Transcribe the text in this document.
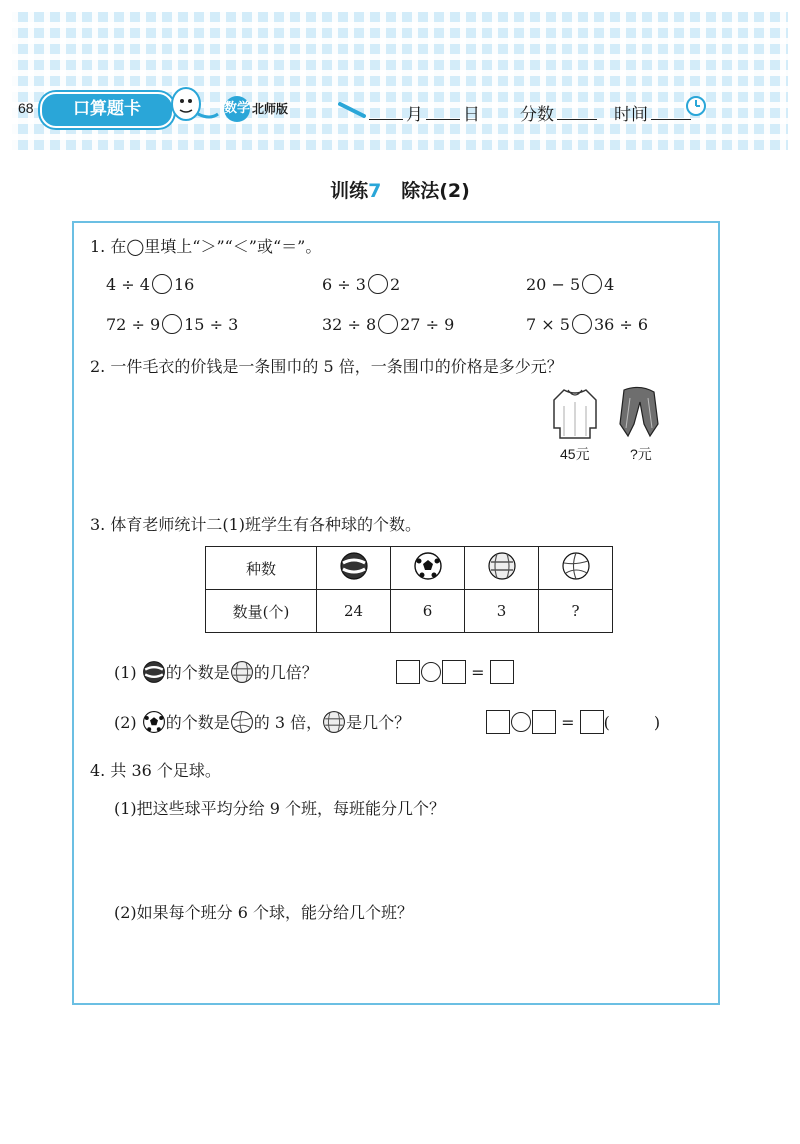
68	口算题卡	数学 北师版	月 日 分数	时间
训练7 除法(2)
1. 在◯里填上“＞”“＜”或“＝”。
4 ÷ 4 16	6 ÷ 3 2	20 − 5 4
72 ÷ 9 15 ÷ 3	32 ÷ 8 27 ÷ 9	7 × 5 36 ÷ 6
2. 一件毛衣的价钱是一条围巾的 5 倍，一条围巾的价格是多少元？
45元	?元
3. 体育老师统计二(1)班学生有各种球的个数。
种数				
数量(个)	24	6	3	?
(1) 的个数是 的几倍？	=
(2) 的个数是 的 3 倍， 是几个？	= (	)
4. 共 36 个足球。
(1)把这些球平均分给 9 个班，每班能分几个？
(2)如果每个班分 6 个球，能分给几个班？
